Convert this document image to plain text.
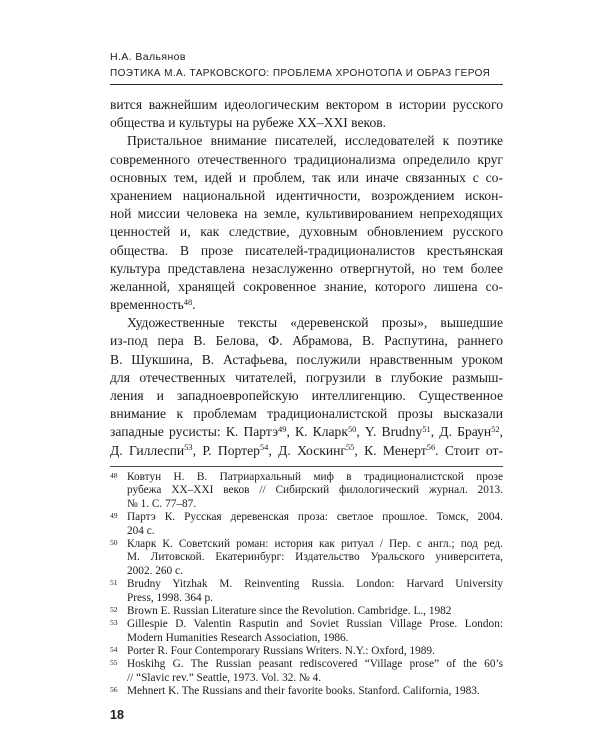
Н.А. Вальянов
ПОЭТИКА М.А. ТАРКОВСКОГО: ПРОБЛЕМА ХРОНОТОПА И ОБРАЗ ГЕРОЯ
вится важнейшим идеологическим вектором в истории русского
общества и культуры на рубеже XX–XXI веков.
Пристальное внимание писателей, исследователей к поэтике
современного отечественного традиционализма определило круг
основных тем, идей и проблем, так или иначе связанных с со-
хранением национальной идентичности, возрождением искон-
ной миссии человека на земле, культивированием непреходящих
ценностей и, как следствие, духовным обновлением русского
общества. В прозе писателей-традиционалистов крестьянская
культура представлена незаслуженно отвергнутой, но тем более
желанной, хранящей сокровенное знание, которого лишена со-
временность$^{48}$.
Художественные тексты «деревенской прозы», вышедшие
из-под пера В. Белова, Ф. Абрамова, В. Распутина, раннего
В. Шукшина, В. Астафьева, послужили нравственным уроком
для отечественных читателей, погрузили в глубокие размыш-
ления и западноевропейскую интеллигенцию. Существенное
внимание к проблемам традиционалистской прозы высказали
западные русисты: К. Партэ$^{49}$, К. Кларк$^{50}$, Y. Brudny$^{51}$, Д. Браун$^{52}$,
Д. Гиллеспи$^{53}$, Р. Портер$^{54}$, Д. Хоскинг$^{55}$, К. Менерт$^{56}$. Стоит от-
48 Ковтун Н. В. Патриархальный миф в традиционалистской прозе
рубежа XX–XXI веков // Сибирский филологический журнал. 2013.
№ 1. С. 77–87.
49 Партэ К. Русская деревенская проза: светлое прошлое. Томск, 2004.
204 с.
50 Кларк К. Советский роман: история как ритуал / Пер. с англ.; под ред.
М. Литовской. Екатеринбург: Издательство Уральского университета,
2002. 260 с.
51 Brudny Yitzhak M. Reinventing Russia. London: Harvard University
Press, 1998. 364 p.
52 Brown E. Russian Literature since the Revolution. Cambridge. L., 1982
53 Gillespie D. Valentin Rasputin and Soviet Russian Village Prose. London:
Modern Humanities Research Association, 1986.
54 Porter R. Four Contemporary Russians Writers. N.Y.: Oxford, 1989.
55 Hoskihg G. The Russian peasant rediscovered “Village prose” of the 60’s
// “Slavic rev.” Seattle, 1973. Vol. 32. № 4.
56 Mehnert K. The Russians and their favorite books. Stanford. California, 1983.
18
